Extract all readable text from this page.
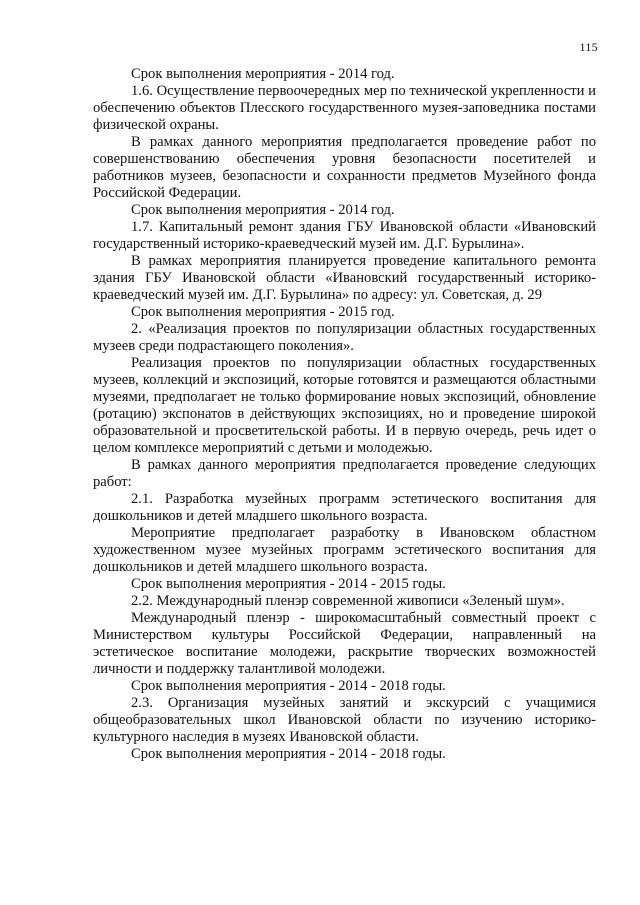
115

Срок выполнения мероприятия - 2014 год.

1.6. Осуществление первоочередных мер по технической укрепленности и обеспечению объектов Плесского государственного музея-заповедника постами физической охраны.

В рамках данного мероприятия предполагается проведение работ по совершенствованию обеспечения уровня безопасности посетителей и работников музеев, безопасности и сохранности предметов Музейного фонда Российской Федерации.

Срок выполнения мероприятия - 2014 год.

1.7. Капитальный ремонт здания ГБУ Ивановской области «Ивановский государственный историко-краеведческий музей им. Д.Г. Бурылина».

В рамках мероприятия планируется проведение капитального ремонта здания ГБУ Ивановской области «Ивановский государственный историко-краеведческий музей им. Д.Г. Бурылина» по адресу: ул. Советская, д. 29

Срок выполнения мероприятия - 2015 год.

2. «Реализация проектов по популяризации областных государственных музеев среди подрастающего поколения».

Реализация проектов по популяризации областных государственных музеев, коллекций и экспозиций, которые готовятся и размещаются областными музеями, предполагает не только формирование новых экспозиций, обновление (ротацию) экспонатов в действующих экспозициях, но и проведение широкой образовательной и просветительской работы. И в первую очередь, речь идет о целом комплексе мероприятий с детьми и молодежью.

В рамках данного мероприятия предполагается проведение следующих работ:

2.1. Разработка музейных программ эстетического воспитания для дошкольников и детей младшего школьного возраста.

Мероприятие предполагает разработку в Ивановском областном художественном музее музейных программ эстетического воспитания для дошкольников и детей младшего школьного возраста.

Срок выполнения мероприятия - 2014 - 2015 годы.

2.2. Международный пленэр современной живописи «Зеленый шум».

Международный пленэр - широкомасштабный совместный проект с Министерством культуры Российской Федерации, направленный на эстетическое воспитание молодежи, раскрытие творческих возможностей личности и поддержку талантливой молодежи.

Срок выполнения мероприятия - 2014 - 2018 годы.

2.3. Организация музейных занятий и экскурсий с учащимися общеобразовательных школ Ивановской области по изучению историко-культурного наследия в музеях Ивановской области.

Срок выполнения мероприятия - 2014 - 2018 годы.
